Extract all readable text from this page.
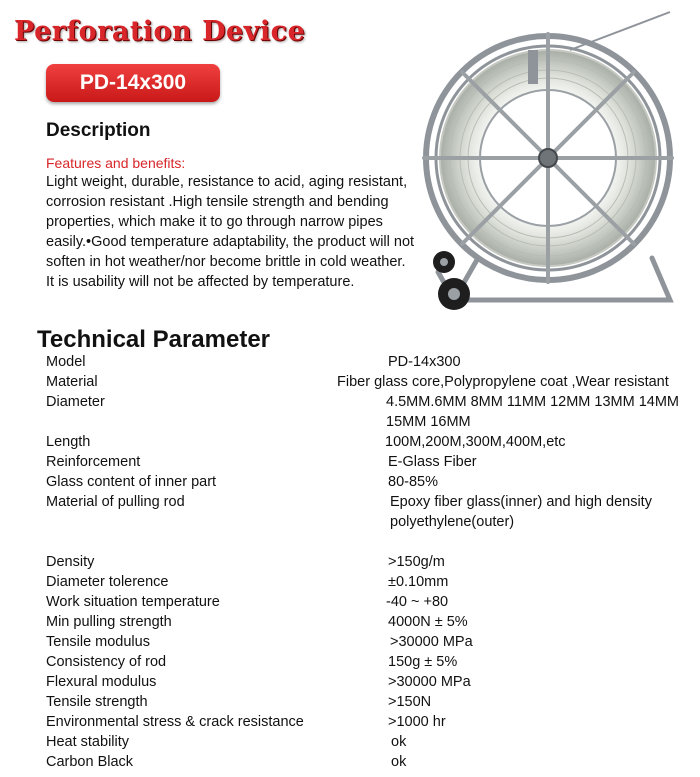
Perforation Device
PD-14x300
Description
Features and benefits:
Light weight, durable, resistance to acid, aging resistant, corrosion resistant .High tensile strength and bending properties, which make it to go through narrow pipes easily.•Good temperature adaptability, the product will not soften in hot weather/nor become brittle in cold weather. It is usability will not be affected by temperature.
Technical Parameter
Model	PD-14x300
Material	Fiber glass core,Polypropylene coat ,Wear resistant
Diameter	4.5MM.6MM 8MM 11MM 12MM 13MM 14MM
15MM 16MM
Length	100M,200M,300M,400M,etc
Reinforcement	E-Glass Fiber
Glass content of inner part	80-85%
Material of pulling rod	Epoxy fiber glass(inner) and high density
polyethylene(outer)
Density	>150g/m
Diameter tolerence	±0.10mm
Work situation temperature	-40 ~ +80
Min pulling strength	4000N ± 5%
Tensile modulus	>30000 MPa
Consistency of rod	150g ± 5%
Flexural modulus	>30000 MPa
Tensile strength	>150N
Environmental stress & crack resistance	>1000 hr
Heat stability	ok
Carbon Black	ok
